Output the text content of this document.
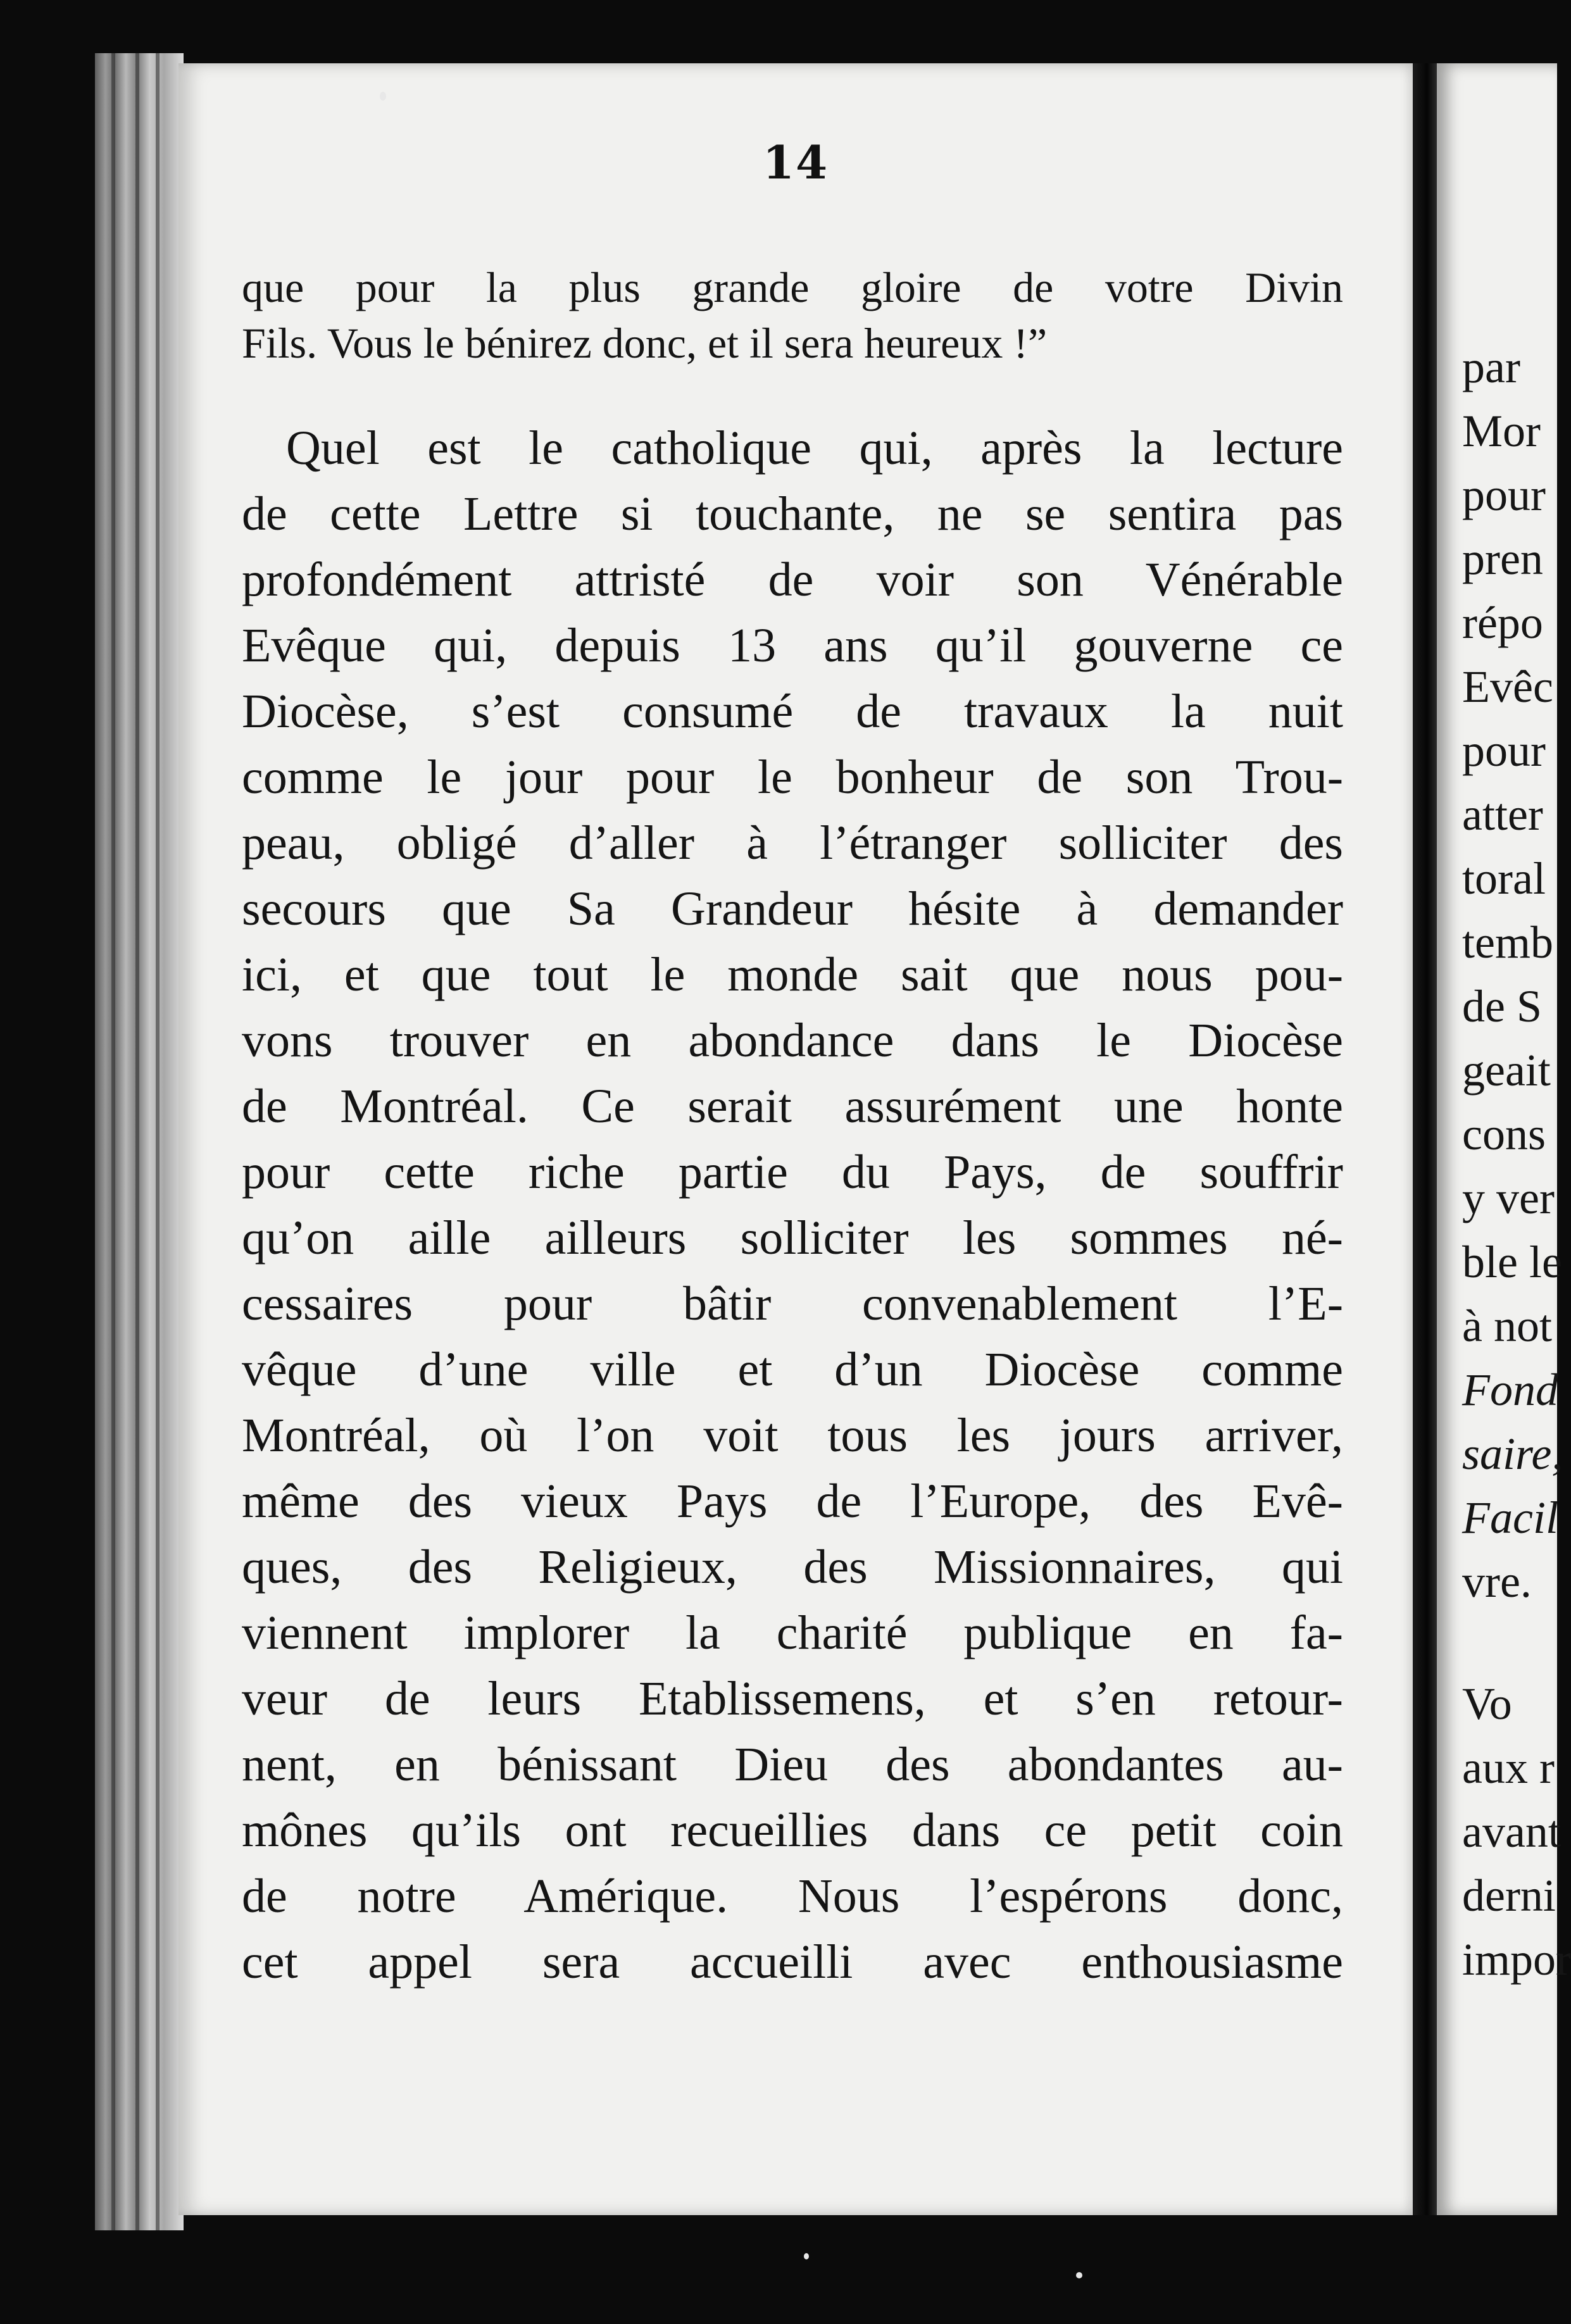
14
que pour la plus grande gloire de votre Divin
Fils. Vous le bénirez donc, et il sera heureux !”
Quel est le catholique qui, après la lecture
de cette Lettre si touchante, ne se sentira pas
profondément attristé de voir son Vénérable
Evêque qui, depuis 13 ans qu’il gouverne ce
Diocèse, s’est consumé de travaux la nuit
comme le jour pour le bonheur de son Trou-
peau, obligé d’aller à l’étranger solliciter des
secours que Sa Grandeur hésite à demander
ici, et que tout le monde sait que nous pou-
vons trouver en abondance dans le Diocèse
de Montréal. Ce serait assurément une honte
pour cette riche partie du Pays, de souffrir
qu’on aille ailleurs solliciter les sommes né-
cessaires pour bâtir convenablement l’E-
vêque d’une ville et d’un Diocèse comme
Montréal, où l’on voit tous les jours arriver,
même des vieux Pays de l’Europe, des Evê-
ques, des Religieux, des Missionnaires, qui
viennent implorer la charité publique en fa-
veur de leurs Etablissemens, et s’en retour-
nent, en bénissant Dieu des abondantes au-
mônes qu’ils ont recueillies dans ce petit coin
de notre Amérique. Nous l’espérons donc,
cet appel sera accueilli avec enthousiasme
par
Mor
pour
pren
répo
Evêc
pour
atter
toral
temb
de S
geait
cons
y ver
ble le
à not
Fond
saire,
Facil
vre.
Vo
aux r
avant
derni
impor
